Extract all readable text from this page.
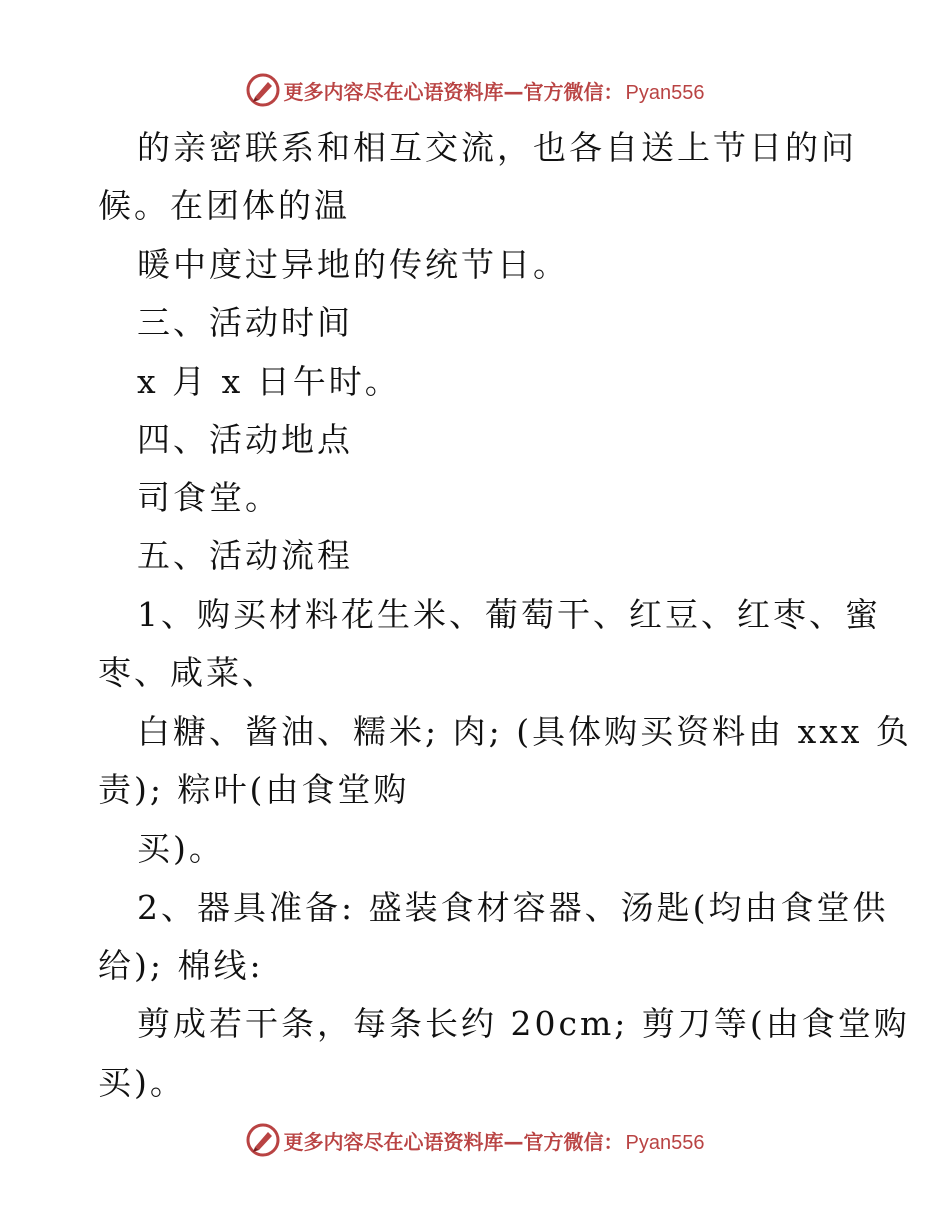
更多内容尽在心语资料库—官方微信： Pyan556
的亲密联系和相互交流，也各自送上节日的问
候。在团体的温
暖中度过异地的传统节日。
三、活动时间
x 月 x 日午时。
四、活动地点
司食堂。
五、活动流程
1、购买材料花生米、葡萄干、红豆、红枣、蜜
枣、咸菜、
白糖、酱油、糯米; 肉; (具体购买资料由 xxx 负
责); 粽叶(由食堂购
买)。
2、器具准备: 盛装食材容器、汤匙(均由食堂供
给); 棉线:
剪成若干条，每条长约 20cm; 剪刀等(由食堂购
买)。
更多内容尽在心语资料库—官方微信： Pyan556
